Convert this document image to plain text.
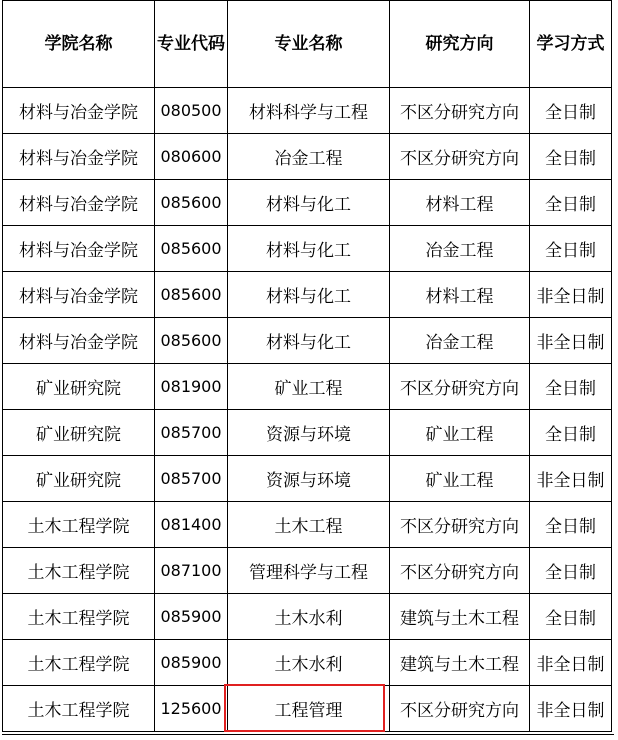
学院名称	专业代码	专业名称	研究方向	学习方式
材料与冶金学院	080500	材料科学与工程	不区分研究方向	全日制
材料与冶金学院	080600	冶金工程	不区分研究方向	全日制
材料与冶金学院	085600	材料与化工	材料工程	全日制
材料与冶金学院	085600	材料与化工	冶金工程	全日制
材料与冶金学院	085600	材料与化工	材料工程	非全日制
材料与冶金学院	085600	材料与化工	冶金工程	非全日制
矿业研究院	081900	矿业工程	不区分研究方向	全日制
矿业研究院	085700	资源与环境	矿业工程	全日制
矿业研究院	085700	资源与环境	矿业工程	非全日制
土木工程学院	081400	土木工程	不区分研究方向	全日制
土木工程学院	087100	管理科学与工程	不区分研究方向	全日制
土木工程学院	085900	土木水利	建筑与土木工程	全日制
土木工程学院	085900	土木水利	建筑与土木工程	非全日制
土木工程学院	125600	工程管理	不区分研究方向	非全日制
